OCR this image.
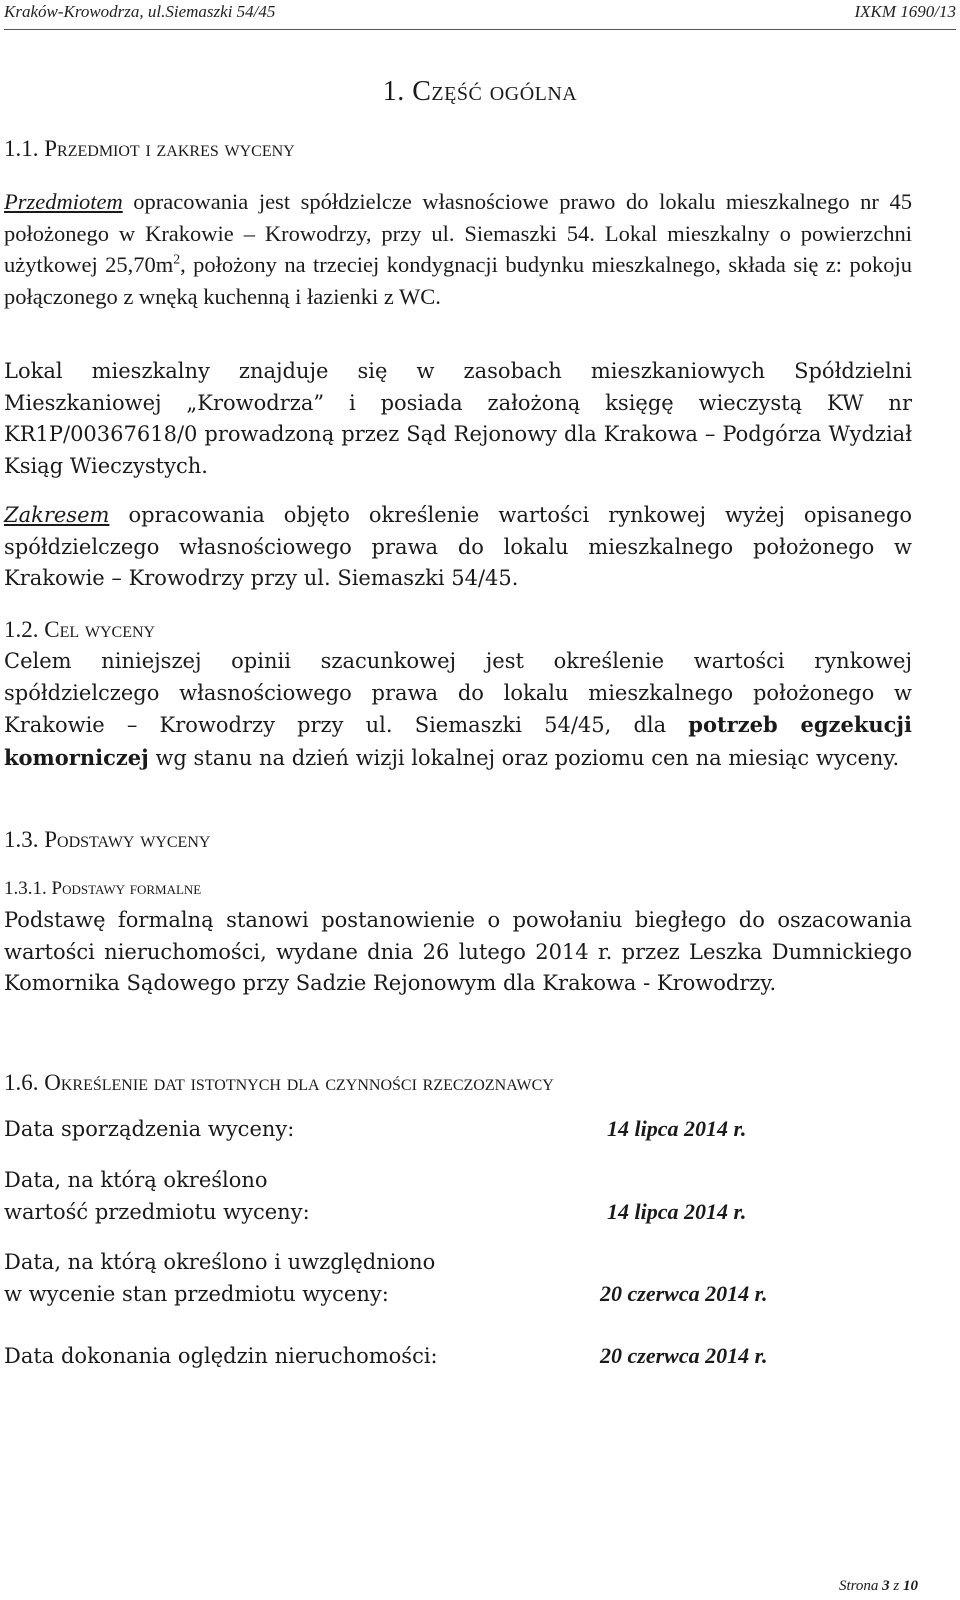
Kraków-Krowodrza, ul.Siemaszki 54/45	IXKM 1690/13
1. Część ogólna
1.1. Przedmiot i zakres wyceny
Przedmiotem opracowania jest spółdzielcze własnościowe prawo do lokalu mieszkalnego nr 45 położonego w Krakowie – Krowodrzy, przy ul. Siemaszki 54. Lokal mieszkalny o powierzchni użytkowej $25,70m^2$, położony na trzeciej kondygnacji budynku mieszkalnego, składa się z: pokoju połączonego z wnęką kuchenną i łazienki z WC.
Lokal mieszkalny znajduje się w zasobach mieszkaniowych Spółdzielni Mieszkaniowej „Krowodrza” i posiada założoną księgę wieczystą KW nr KR1P/00367618/0 prowadzoną przez Sąd Rejonowy dla Krakowa – Podgórza Wydział Ksiąg Wieczystych.
Zakresem opracowania objęto określenie wartości rynkowej wyżej opisanego spółdzielczego własnościowego prawa do lokalu mieszkalnego położonego w Krakowie – Krowodrzy przy ul. Siemaszki 54/45.
1.2. Cel wyceny
Celem niniejszej opinii szacunkowej jest określenie wartości rynkowej spółdzielczego własnościowego prawa do lokalu mieszkalnego położonego w Krakowie – Krowodrzy przy ul. Siemaszki 54/45, dla potrzeb egzekucji komorniczej wg stanu na dzień wizji lokalnej oraz poziomu cen na miesiąc wyceny.
1.3. Podstawy wyceny
1.3.1. Podstawy formalne
Podstawę formalną stanowi postanowienie o powołaniu biegłego do oszacowania wartości nieruchomości, wydane dnia 26 lutego 2014 r. przez Leszka Dumnickiego Komornika Sądowego przy Sadzie Rejonowym dla Krakowa - Krowodrzy.
1.6. Określenie dat istotnych dla czynności rzeczoznawcy
Data sporządzenia wyceny:	14 lipca 2014 r.
Data, na którą określono
wartość przedmiotu wyceny:	14 lipca 2014 r.
Data, na którą określono i uwzględniono
w wycenie stan przedmiotu wyceny:	20 czerwca 2014 r.
Data dokonania oględzin nieruchomości:	20 czerwca 2014 r.
Strona 3 z 10
